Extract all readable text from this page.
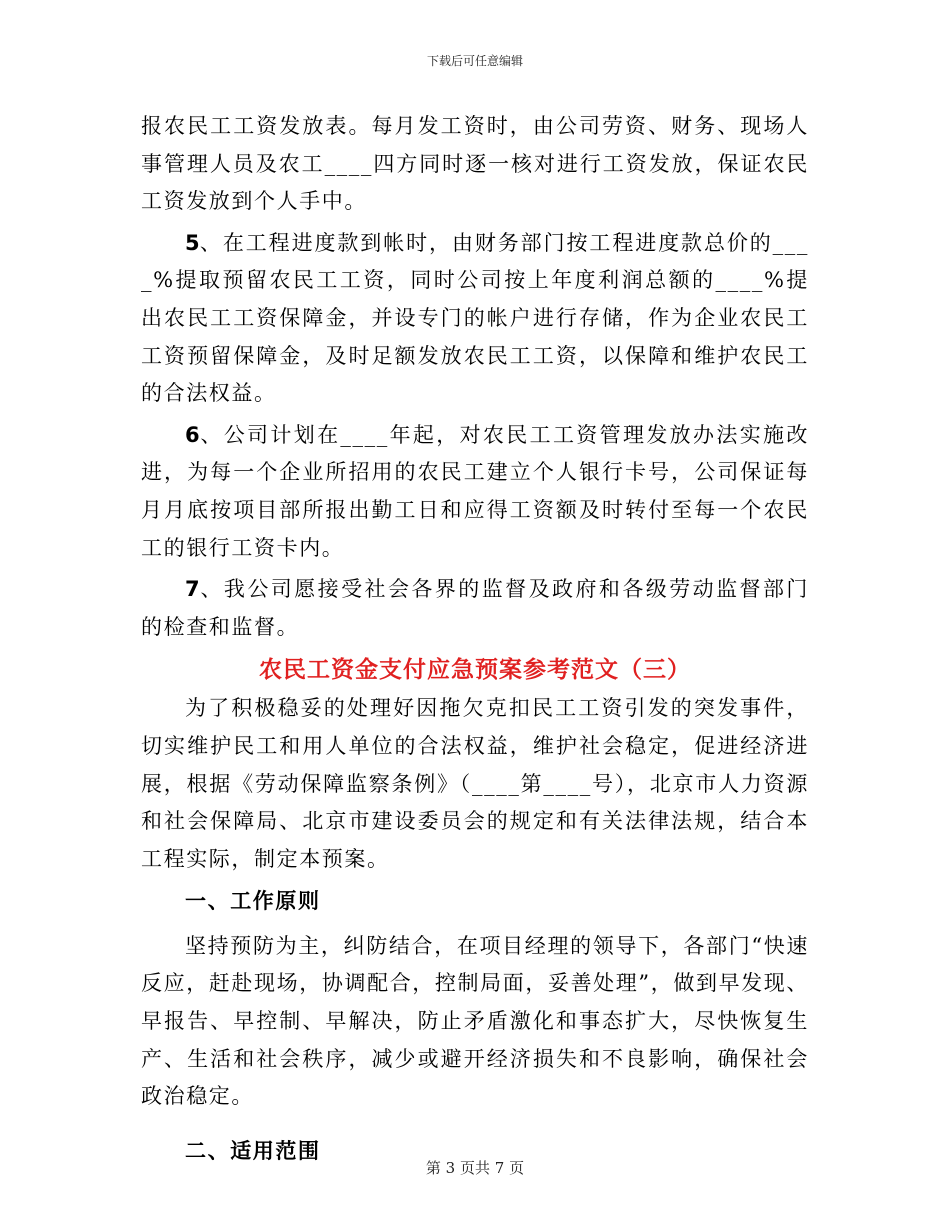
下载后可任意编辑

报农民工工资发放表。每月发工资时，由公司劳资、财务、现场人事管理人员及农工____四方同时逐一核对进行工资发放，保证农民工资发放到个人手中。

5、在工程进度款到帐时，由财务部门按工程进度款总价的____%提取预留农民工工资，同时公司按上年度利润总额的____%提出农民工工资保障金，并设专门的帐户进行存储，作为企业农民工工资预留保障金，及时足额发放农民工工资，以保障和维护农民工的合法权益。

6、公司计划在____年起，对农民工工资管理发放办法实施改进，为每一个企业所招用的农民工建立个人银行卡号，公司保证每月月底按项目部所报出勤工日和应得工资额及时转付至每一个农民工的银行工资卡内。

7、我公司愿接受社会各界的监督及政府和各级劳动监督部门的检查和监督。

农民工资金支付应急预案参考范文（三）

为了积极稳妥的处理好因拖欠克扣民工工资引发的突发事件，切实维护民工和用人单位的合法权益，维护社会稳定，促进经济进展，根据《劳动保障监察条例》（____第____号），北京市人力资源和社会保障局、北京市建设委员会的规定和有关法律法规，结合本工程实际，制定本预案。

一、工作原则

坚持预防为主，纠防结合，在项目经理的领导下，各部门“快速反应，赶赴现场，协调配合，控制局面，妥善处理”，做到早发现、早报告、早控制、早解决，防止矛盾激化和事态扩大，尽快恢复生产、生活和社会秩序，减少或避开经济损失和不良影响，确保社会政治稳定。

二、适用范围
第 3 页共 7 页
